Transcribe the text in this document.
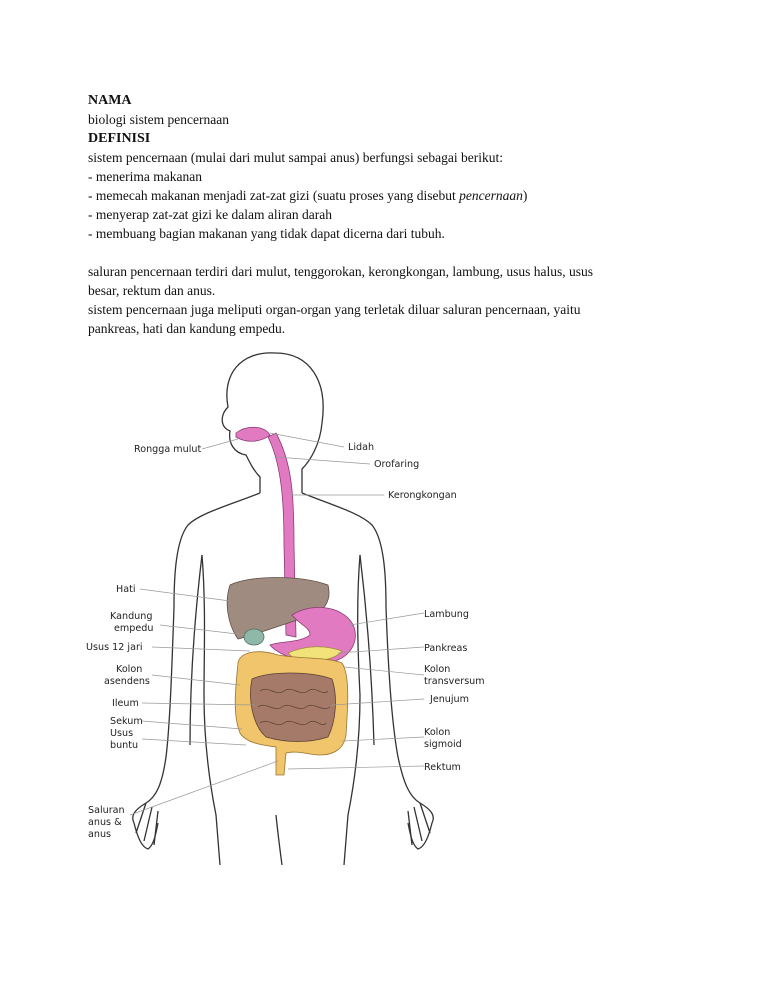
NAMA
biologi sistem pencernaan
DEFINISI
sistem pencernaan (mulai dari mulut sampai anus) berfungsi sebagai berikut:
- menerima makanan
- memecah makanan menjadi zat-zat gizi (suatu proses yang disebut pencernaan)
- menyerap zat-zat gizi ke dalam aliran darah
- membuang bagian makanan yang tidak dapat dicerna dari tubuh.
saluran pencernaan terdiri dari mulut, tenggorokan, kerongkongan, lambung, usus halus, usus
besar, rektum dan anus.
sistem pencernaan juga meliputi organ-organ yang terletak diluar saluran pencernaan, yaitu
pankreas, hati dan kandung empedu.
Rongga mulut
Hati
Kandung
empedu
Usus 12 jari
Kolon
asendens
Ileum
Sekum
Usus
buntu
Saluran
anus &
anus
Lidah
Orofaring
Kerongkongan
Lambung
Pankreas
Kolon
transversum
Jenujum
Kolon
sigmoid
Rektum
